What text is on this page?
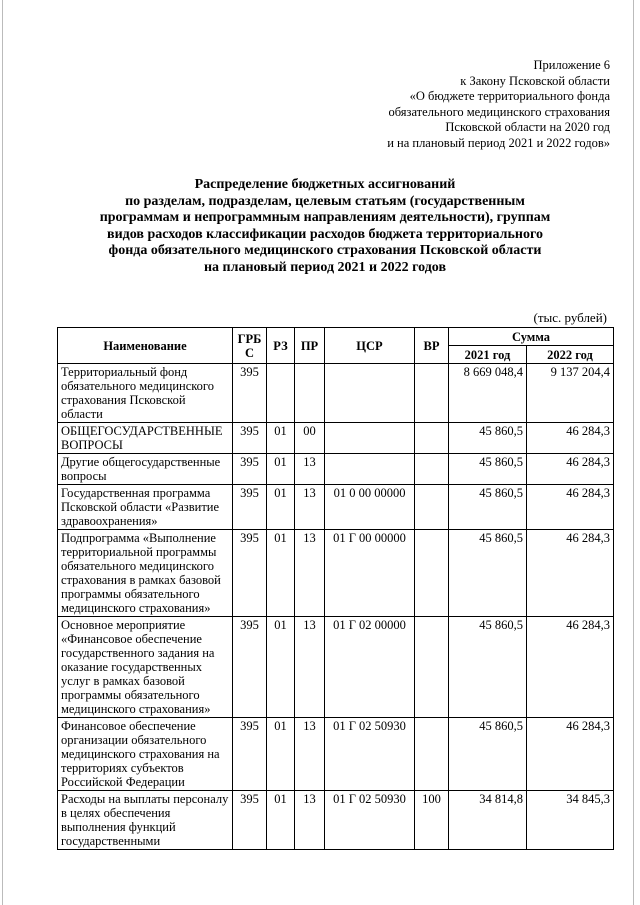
Приложение 6
к Закону Псковской области
«О бюджете территориального фонда
обязательного медицинского страхования
Псковской области на 2020 год
и на плановый период 2021 и 2022 годов»
Распределение бюджетных ассигнований
по разделам, подразделам, целевым статьям (государственным
программам и непрограммным направлениям деятельности), группам
видов расходов классификации расходов бюджета территориального
фонда обязательного медицинского страхования Псковской области
на плановый период 2021 и 2022 годов
(тыс. рублей)
Наименование	ГРБ С	РЗ	ПР	ЦСР	ВР	Сумма	
						2021 год	2022 год
Территориальный фонд обязательного медицинского страхования Псковской области	395					8 669 048,4	9 137 204,4
ОБЩЕГОСУДАРСТВЕННЫЕ ВОПРОСЫ	395	01	00			45 860,5	46 284,3
Другие общегосударственные вопросы	395	01	13			45 860,5	46 284,3
Государственная программа Псковской области «Развитие здравоохранения»	395	01	13	01 0 00 00000		45 860,5	46 284,3
Подпрограмма «Выполнение территориальной программы обязательного медицинского страхования в рамках базовой программы обязательного медицинского страхования»	395	01	13	01 Г 00 00000		45 860,5	46 284,3
Основное мероприятие «Финансовое обеспечение государственного задания на оказание государственных услуг в рамках базовой программы обязательного медицинского страхования»	395	01	13	01 Г 02 00000		45 860,5	46 284,3
Финансовое обеспечение организации обязательного медицинского страхования на территориях субъектов Российской Федерации	395	01	13	01 Г 02 50930		45 860,5	46 284,3
Расходы на выплаты персоналу в целях обеспечения выполнения функций государственными	395	01	13	01 Г 02 50930	100	34 814,8	34 845,3
